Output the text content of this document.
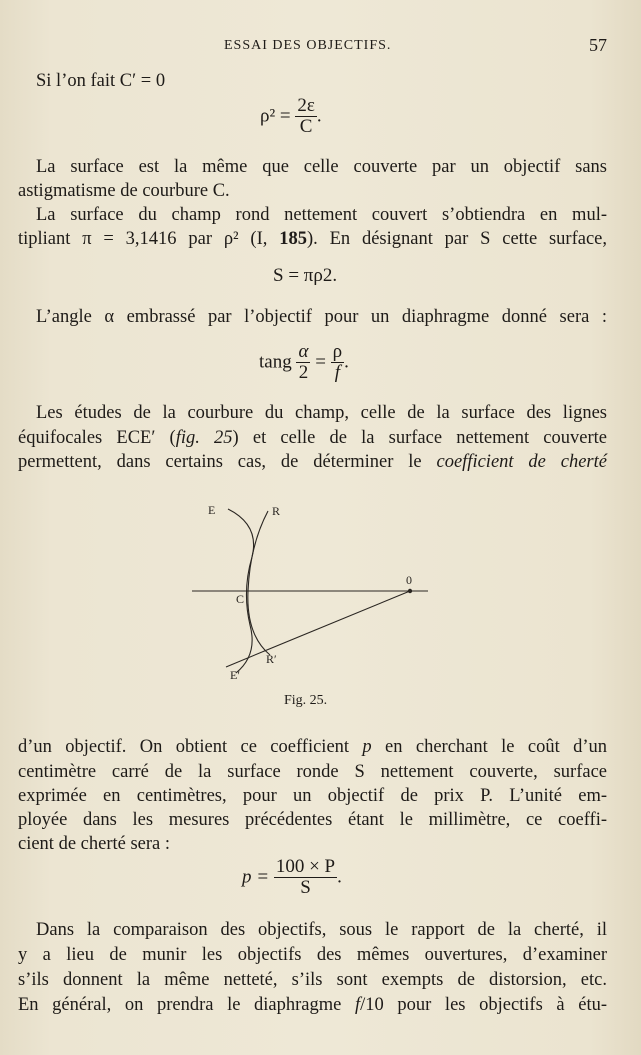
ESSAI DES OBJECTIFS.	57
Si l’on fait C′ = 0
$\rho^2 = \frac{2\varepsilon}{C}$ .
La surface est la même que celle couverte par un objectif sans
astigmatisme de courbure C.
La surface du champ rond nettement couvert s’obtiendra en mul-
tipliant π = 3,1416 par ρ² (I, 185). En désignant par S cette surface,
S = πρ2.
L’angle α embrassé par l’objectif pour un diaphragme donné sera :
tang $\frac{\alpha}{2} = \frac{\rho}{f}$ .
Les études de la courbure du champ, celle de la surface des lignes
équifocales ECE′ (fig. 25) et celle de la surface nettement couverte
permettent, dans certains cas, de déterminer le coefficient de cherté
E	R
C
0
R′
E′
Fig. 25.
d’un objectif. On obtient ce coefficient p en cherchant le coût d’un
centimètre carré de la surface ronde S nettement couverte, surface
exprimée en centimètres, pour un objectif de prix P. L’unité em-
ployée dans les mesures précédentes étant le millimètre, ce coeffi-
cient de cherté sera :
$p = \frac{100 \times P}{S}$ .
Dans la comparaison des objectifs, sous le rapport de la cherté, il
y a lieu de munir les objectifs des mêmes ouvertures, d’examiner
s’ils donnent la même netteté, s’ils sont exempts de distorsion, etc.
En général, on prendra le diaphragme f/10 pour les objectifs à étu-
